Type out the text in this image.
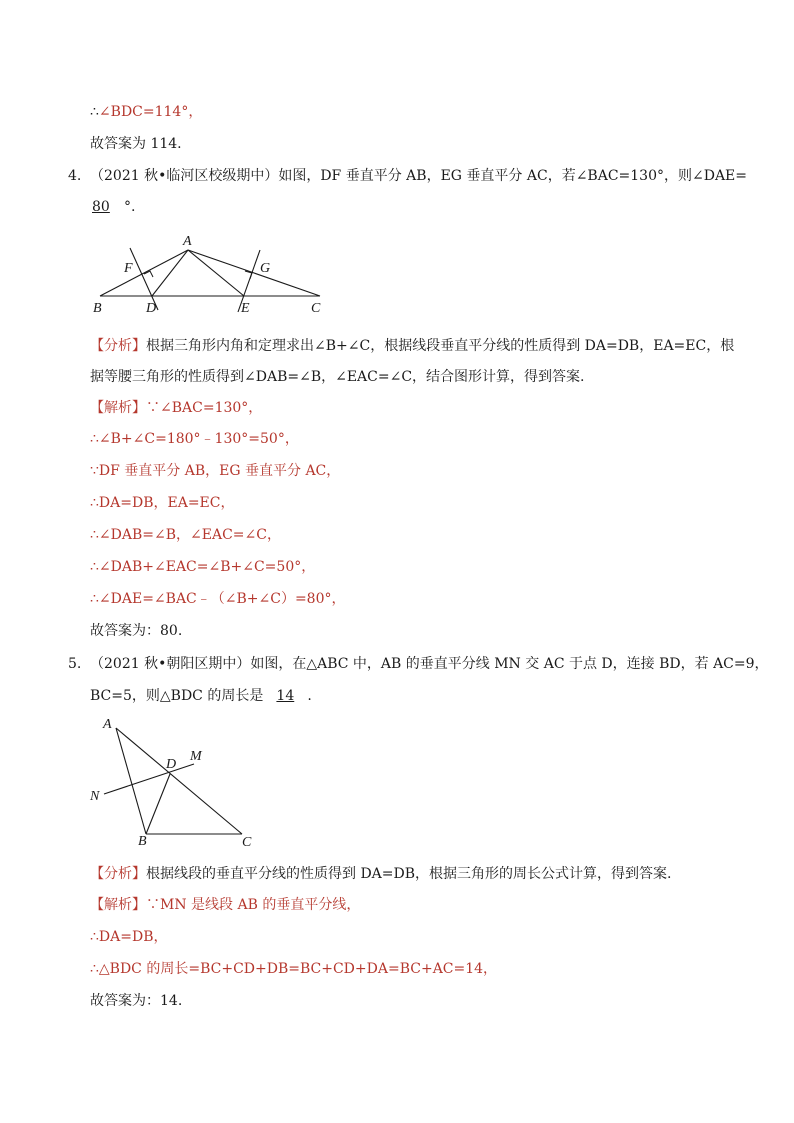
∴∠BDC=114°，
故答案为 114.
4. （2021 秋•临河区校级期中）如图，DF 垂直平分 AB，EG 垂直平分 AC，若∠BAC=130°，则∠DAE=
80 °.
A
B	C
D	E
F	G
【分析】根据三角形内角和定理求出∠B+∠C，根据线段垂直平分线的性质得到 DA=DB，EA=EC，根
据等腰三角形的性质得到∠DAB=∠B，∠EAC=∠C，结合图形计算，得到答案.
【解析】∵∠BAC=130°，
∴∠B+∠C=180°﹣130°=50°，
∵DF 垂直平分 AB，EG 垂直平分 AC，
∴DA=DB，EA=EC，
∴∠DAB=∠B，∠EAC=∠C，
∴∠DAB+∠EAC=∠B+∠C=50°，
∴∠DAE=∠BAC﹣（∠B+∠C）=80°，
故答案为：80.
5. （2021 秋•朝阳区期中）如图，在△ABC 中，AB 的垂直平分线 MN 交 AC 于点 D，连接 BD，若 AC=9，
BC=5，则△BDC 的周长是 14 .
A
B	C
D
M
N
【分析】根据线段的垂直平分线的性质得到 DA=DB，根据三角形的周长公式计算，得到答案.
【解析】∵MN 是线段 AB 的垂直平分线，
∴DA=DB，
∴△BDC 的周长=BC+CD+DB=BC+CD+DA=BC+AC=14，
故答案为：14.
